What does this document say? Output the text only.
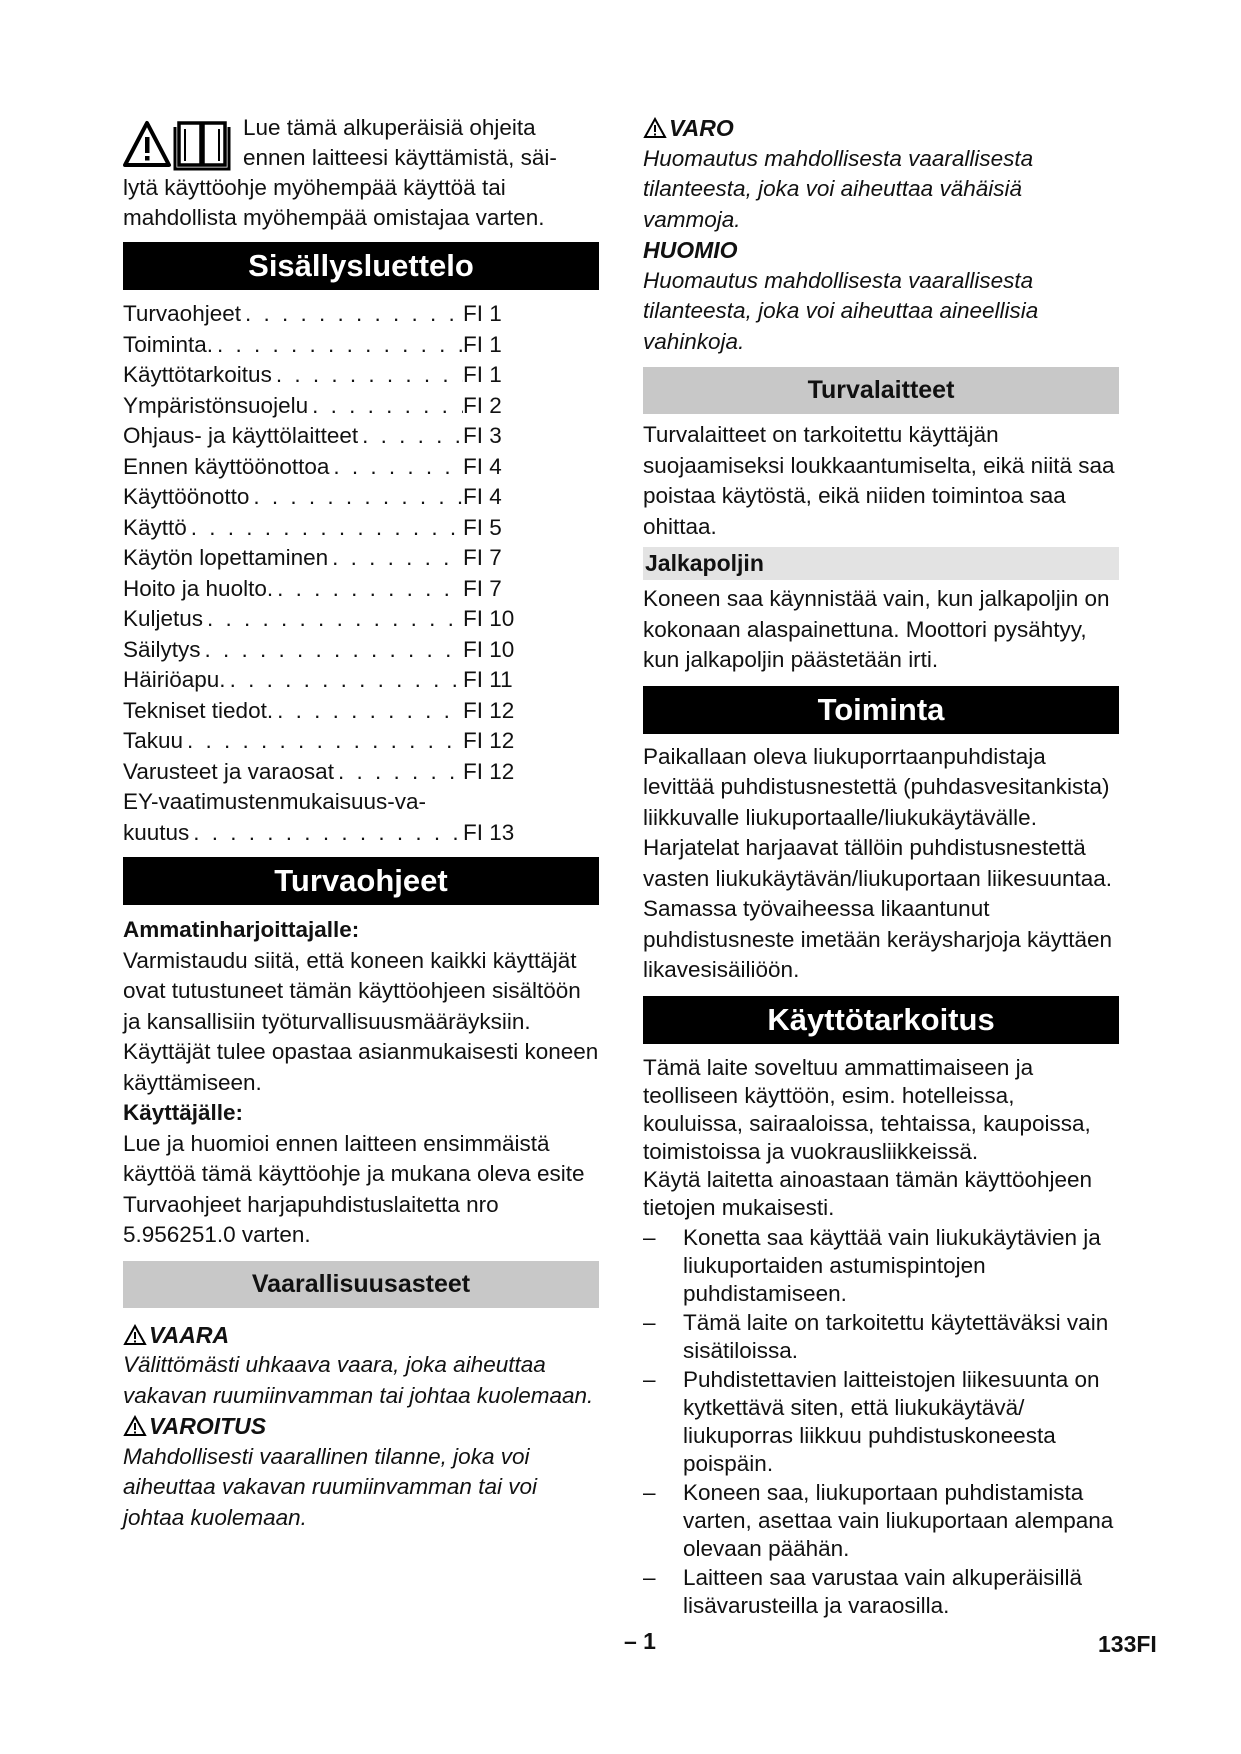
Lue tämä alkuperäisiä ohjeita

ennen laitteesi käyttämistä, säi-

lytä käyttöohje myöhempää käyttöä tai

mahdollista myöhempää omistajaa varten.

Sisällysluettelo
Turvaohjeet . . .	FI 1
Toiminta. . . .	FI 1
Käyttötarkoitus . . .	FI 1
Ympäristönsuojelu . . .	FI 2
Ohjaus- ja käyttölaitteet . . .	FI 3
Ennen käyttöönottoa . . .	FI 4
Käyttöönotto . . .	FI 4
Käyttö . . .	FI 5
Käytön lopettaminen . . .	FI 7
Hoito ja huolto. . . .	FI 7
Kuljetus . . .	FI 10
Säilytys . . .	FI 10
Häiriöapu. . . .	FI 11
Tekniset tiedot. . . .	FI 12
Takuu . . .	FI 12
Varusteet ja varaosat . . .	FI 12

EY-vaatimustenmukaisuus-va-

kuutus . . .	FI 13
Turvaohjeet

Ammatinharjoittajalle:

Varmistaudu siitä, että koneen kaikki käyttäjät ovat tutustuneet tämän käyttöohjeen sisältöön ja kansallisiin työturvallisuusmääräyksiin. Käyttäjät tulee opastaa asianmukaisesti koneen käyttämiseen.

Käyttäjälle:

Lue ja huomioi ennen laitteen ensimmäistä käyttöä tämä käyttöohje ja mukana oleva esite Turvaohjeet harjapuhdistuslaitetta nro 5.956251.0 varten.

Vaarallisuusasteet
VAARA

Välittömästi uhkaava vaara, joka aiheuttaa vakavan ruumiinvamman tai johtaa kuolemaan.

VAROITUS

Mahdollisesti vaarallinen tilanne, joka voi aiheuttaa vakavan ruumiinvamman tai voi johtaa kuolemaan.

VARO

Huomautus mahdollisesta vaarallisesta tilanteesta, joka voi aiheuttaa vähäisiä vammoja.

HUOMIO

Huomautus mahdollisesta vaarallisesta tilanteesta, joka voi aiheuttaa aineellisia vahinkoja.

Turvalaitteet

Turvalaitteet on tarkoitettu käyttäjän suojaamiseksi loukkaantumiselta, eikä niitä saa poistaa käytöstä, eikä niiden toimintoa saa ohittaa.

Jalkapoljin

Koneen saa käynnistää vain, kun jalkapoljin on kokonaan alaspainettuna. Moottori pysähtyy, kun jalkapoljin päästetään irti.

Toiminta

Paikallaan oleva liukuporrtaanpuhdistaja levittää puhdistusnestettä (puhdasvesitankista) liikkuvalle liukuportaalle/liukukäytävälle. Harjatelat harjaavat tällöin puhdistusnestettä vasten liukukäytävän/liukuportaan liikesuuntaa. Samassa työvaiheessa likaantunut puhdistusneste imetään keräysharjoja käyttäen likavesisäiliöön.

Käyttötarkoitus

Tämä laite soveltuu ammattimaiseen ja teolliseen käyttöön, esim. hotelleissa, kouluissa, sairaaloissa, tehtaissa, kaupoissa, toimistoissa ja vuokrausliikkeissä.

Käytä laitetta ainoastaan tämän käyttöohjeen tietojen mukaisesti.

–	Konetta saa käyttää vain liukukäytävien ja liukuportaiden astumispintojen puhdistamiseen.
–	Tämä laite on tarkoitettu käytettäväksi vain sisätiloissa.
–	Puhdistettavien laitteistojen liikesuunta on kytkettävä siten, että liukukäytävä/ liukuporras liikkuu puhdistuskoneesta poispäin.
–	Koneen saa, liukuportaan puhdistamista varten, asettaa vain liukuportaan alempana olevaan päähän.
–	Laitteen saa varustaa vain alkuperäisillä lisävarusteilla ja varaosilla.
– 1	133FI
